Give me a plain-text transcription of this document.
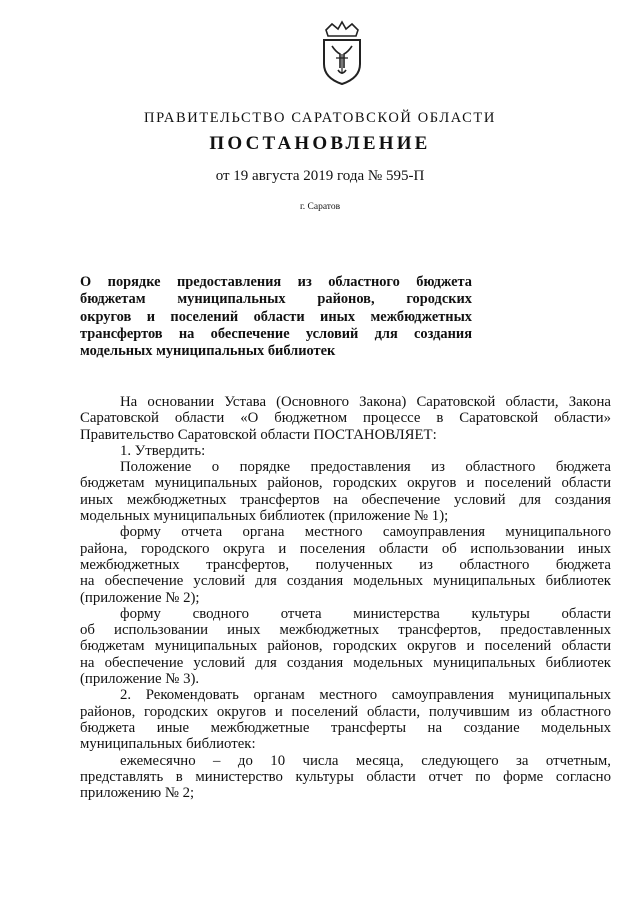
ПРАВИТЕЛЬСТВО САРАТОВСКОЙ ОБЛАСТИ
ПОСТАНОВЛЕНИЕ
от 19 августа 2019 года № 595-П
г. Саратов
О порядке предоставления из областного бюджета
бюджетам муниципальных районов, городских
округов и поселений области иных межбюджетных
трансфертов на обеспечение условий для создания
модельных муниципальных библиотек
На основании Устава (Основного Закона) Саратовской области, Закона
Саратовской области «О бюджетном процессе в Саратовской области»
Правительство Саратовской области ПОСТАНОВЛЯЕТ:
1. Утвердить:
Положение о порядке предоставления из областного бюджета
бюджетам муниципальных районов, городских округов и поселений области
иных межбюджетных трансфертов на обеспечение условий для создания
модельных муниципальных библиотек (приложение № 1);
форму отчета органа местного самоуправления муниципального
района, городского округа и поселения области об использовании иных
межбюджетных трансфертов, полученных из областного бюджета
на обеспечение условий для создания модельных муниципальных библиотек
(приложение № 2);
форму сводного отчета министерства культуры области
об использовании иных межбюджетных трансфертов, предоставленных
бюджетам муниципальных районов, городских округов и поселений области
на обеспечение условий для создания модельных муниципальных библиотек
(приложение № 3).
2. Рекомендовать органам местного самоуправления муниципальных
районов, городских округов и поселений области, получившим из областного
бюджета иные межбюджетные трансферты на создание модельных
муниципальных библиотек:
ежемесячно – до 10 числа месяца, следующего за отчетным,
представлять в министерство культуры области отчет по форме согласно
приложению № 2;
